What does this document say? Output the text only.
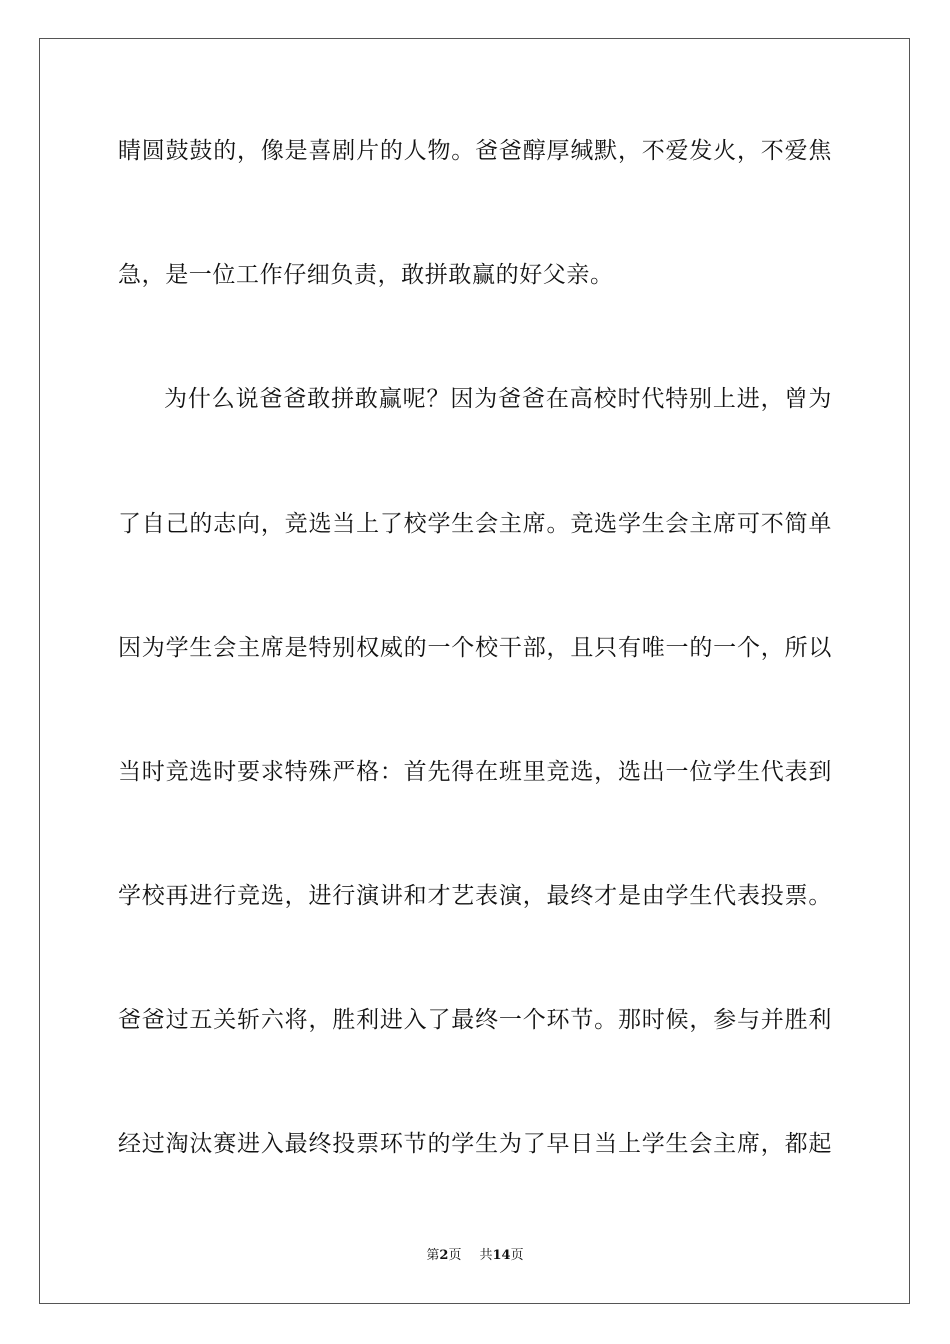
睛圆鼓鼓的，像是喜剧片的人物。爸爸醇厚缄默，不爱发火，不爱焦
急，是一位工作仔细负责，敢拼敢赢的好父亲。
为什么说爸爸敢拼敢赢呢？因为爸爸在高校时代特别上进，曾为
了自己的志向，竞选当上了校学生会主席。竞选学生会主席可不简单
因为学生会主席是特别权威的一个校干部，且只有唯一的一个，所以
当时竞选时要求特殊严格：首先得在班里竞选，选出一位学生代表到
学校再进行竞选，进行演讲和才艺表演，最终才是由学生代表投票。
爸爸过五关斩六将，胜利进入了最终一个环节。那时候，参与并胜利
经过淘汰赛进入最终投票环节的学生为了早日当上学生会主席，都起
第2页 共14页
